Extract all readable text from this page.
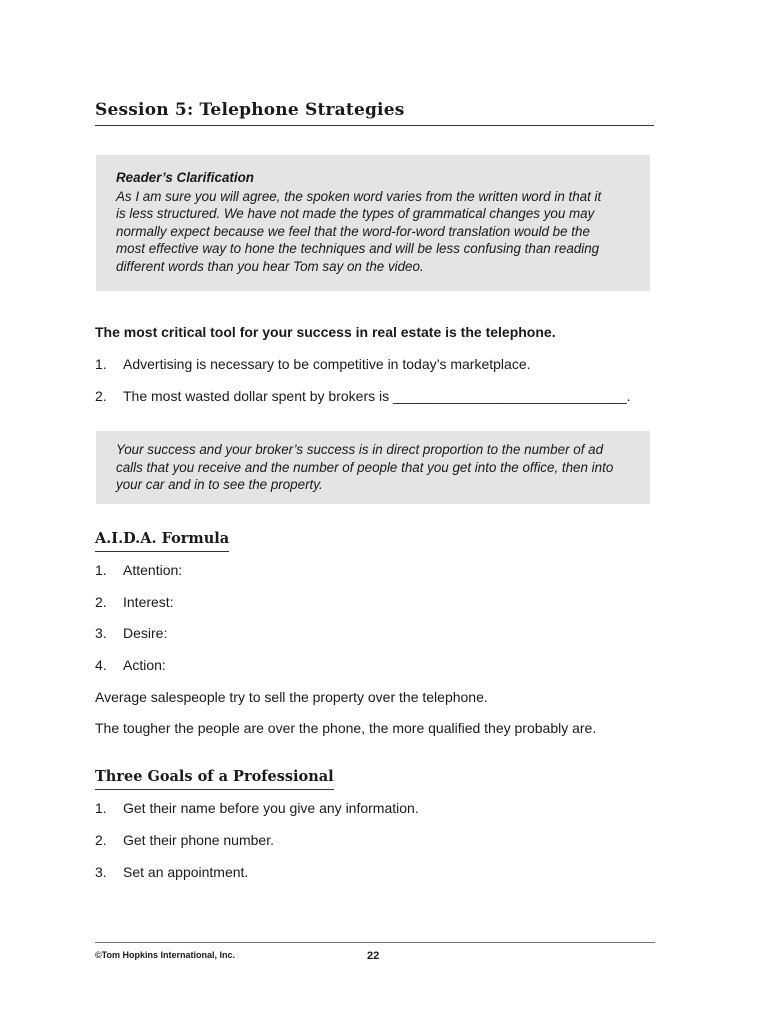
Session 5: Telephone Strategies
Reader’s Clarification
As I am sure you will agree, the spoken word varies from the written word in that it
is less structured. We have not made the types of grammatical changes you may
normally expect because we feel that the word-for-word translation would be the
most effective way to hone the techniques and will be less confusing than reading
different words than you hear Tom say on the video.
The most critical tool for your success in real estate is the telephone.
1. Advertising is necessary to be competitive in today’s marketplace.
2. The most wasted dollar spent by brokers is ______________________________.
Your success and your broker’s success is in direct proportion to the number of ad
calls that you receive and the number of people that you get into the office, then into
your car and in to see the property.
A.I.D.A. Formula
1. Attention:
2. Interest:
3. Desire:
4. Action:
Average salespeople try to sell the property over the telephone.
The tougher the people are over the phone, the more qualified they probably are.
Three Goals of a Professional
1. Get their name before you give any information.
2. Get their phone number.
3. Set an appointment.
©Tom Hopkins International, Inc.	22
